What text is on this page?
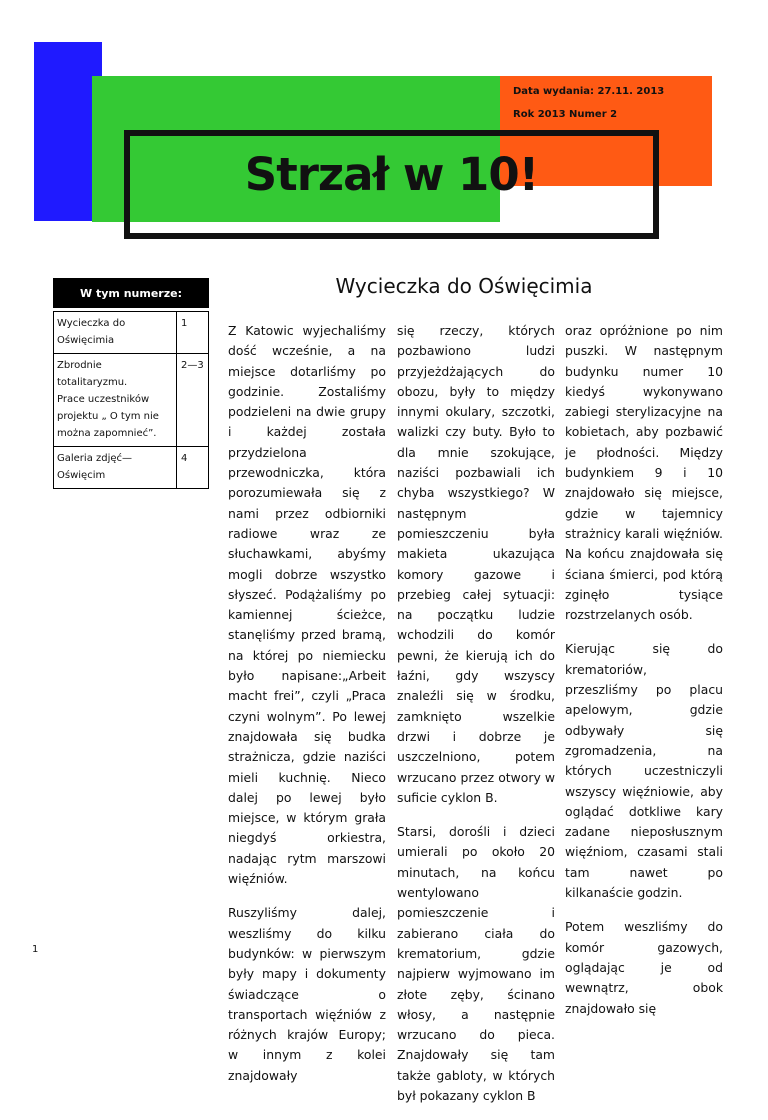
Data wydania: 27.11. 2013
Rok 2013 Numer 2
Strzał w 10!
W tym numerze:
Wycieczka do Oświęcimia	1

Zbrodnie totalitaryzmu.
Prace uczestników projektu „ O tym nie można zapomnieć”.	2—3

Galeria zdjęć—Oświęcim	4
Wycieczka do Oświęcimia

Z Katowic wyjechaliśmy dość wcześnie, a na miejsce dotarliśmy po godzinie. Zostaliśmy podzieleni na dwie grupy i każdej została przydzielona przewodniczka, która porozumiewała się z nami przez odbiorniki radiowe wraz ze słuchawkami, abyśmy mogli dobrze wszystko słyszeć. Podążaliśmy po kamiennej ścieżce, stanęliśmy przed bramą, na której po niemiecku było napisane:„Arbeit macht frei”, czyli „Praca czyni wolnym”. Po lewej znajdowała się budka strażnicza, gdzie naziści mieli kuchnię. Nieco dalej po lewej było miejsce, w którym grała niegdyś orkiestra, nadając rytm marszowi więźniów.

Ruszyliśmy dalej, weszliśmy do kilku budynków: w pierwszym były mapy i dokumenty świadczące o transportach więźniów z różnych krajów Europy; w innym z kolei znajdowały

się rzeczy, których pozbawiono ludzi przyjeżdżających do obozu, były to między innymi okulary, szczotki, walizki czy buty. Było to dla mnie szokujące, naziści pozbawiali ich chyba wszystkiego? W następnym pomieszczeniu była makieta ukazująca komory gazowe i przebieg całej sytuacji: na początku ludzie wchodzili do komór pewni, że kierują ich do łaźni, gdy wszyscy znaleźli się w środku, zamknięto wszelkie drzwi i dobrze je uszczelniono, potem wrzucano przez otwory w suficie cyklon B.

Starsi, dorośli i dzieci umierali po około 20 minutach, na końcu wentylowano pomieszczenie i zabierano ciała do krematorium, gdzie najpierw wyjmowano im złote zęby, ścinano włosy, a następnie wrzucano do pieca. Znajdowały się tam także gabloty, w których był pokazany cyklon B

oraz opróżnione po nim puszki. W następnym budynku numer 10 kiedyś wykonywano zabiegi sterylizacyjne na kobietach, aby pozbawić je płodności. Między budynkiem 9 i 10 znajdowało się miejsce, gdzie w tajemnicy strażnicy karali więźniów. Na końcu znajdowała się ściana śmierci, pod którą zginęło tysiące rozstrzelanych osób.

Kierując się do krematoriów, przeszliśmy po placu apelowym, gdzie odbywały się zgromadzenia, na których uczestniczyli wszyscy więźniowie, aby oglądać dotkliwe kary zadane nieposłusznym więźniom, czasami stali tam nawet po kilkanaście godzin.

Potem weszliśmy do komór gazowych, oglądając je od wewnątrz, obok znajdowało się

1
